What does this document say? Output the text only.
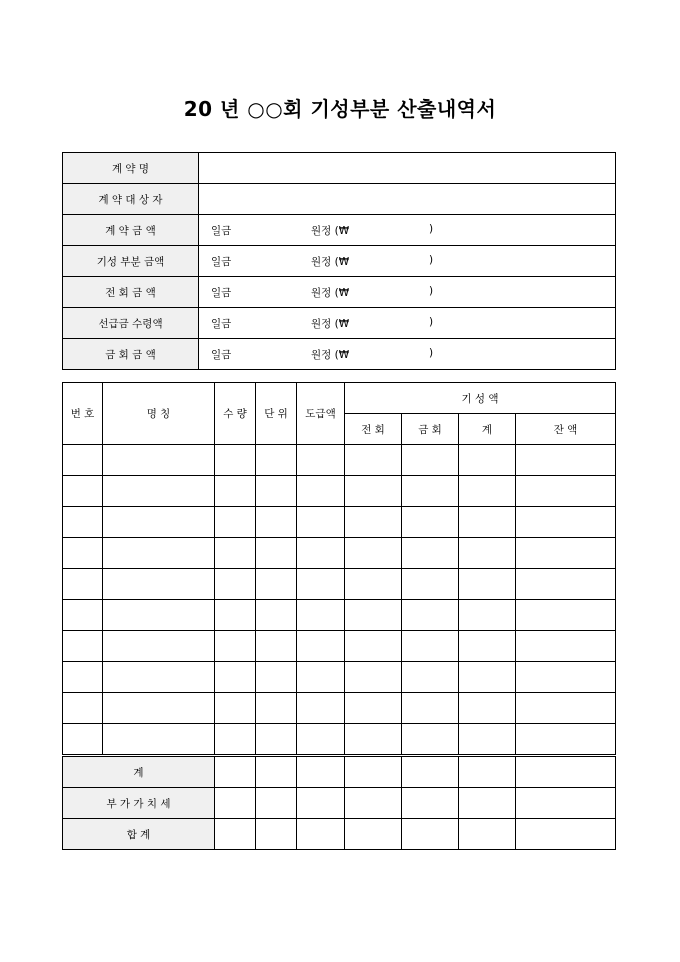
20 년 ○○회 기성부분 산출내역서
계 약 명	
계 약 대 상 자	
계 약 금 액	일금 원정 (₩ )

기성 부분 금액	일금 원정 (₩ )

전 회 금 액	일금 원정 (₩ )

선급금 수령액	일금 원정 (₩ )

금 회 금 액	일금 원정 (₩ )
번 호	명 칭	수 량	단 위	도급액	기 성 액			
					전 회	금 회	계	잔 액

계								
부 가 가 치 세								
합 계								
